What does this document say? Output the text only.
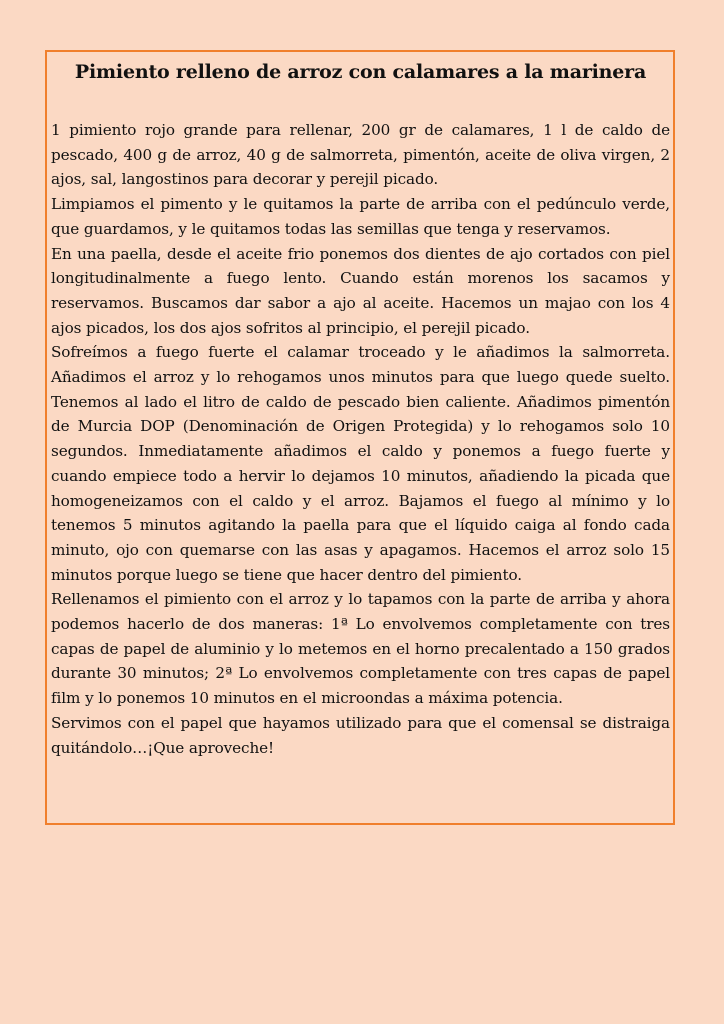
Pimiento relleno de arroz con calamares a la marinera

1 pimiento rojo grande para rellenar, 200 gr de calamares, 1 l de caldo de pescado, 400 g de arroz, 40 g de salmorreta, pimentón, aceite de oliva virgen, 2 ajos, sal, langostinos para decorar y perejil picado.

Limpiamos el pimento y le quitamos la parte de arriba con el pedúnculo verde, que guardamos, y le quitamos todas las semillas que tenga y reservamos.

En una paella, desde el aceite frio ponemos dos dientes de ajo cortados con piel longitudinalmente a fuego lento. Cuando están morenos los sacamos y reservamos. Buscamos dar sabor a ajo al aceite. Hacemos un majao con los 4 ajos picados, los dos ajos sofritos al principio, el perejil picado.

Sofreímos a fuego fuerte el calamar troceado y le añadimos la salmorreta. Añadimos el arroz y lo rehogamos unos minutos para que luego quede suelto. Tenemos al lado el litro de caldo de pescado bien caliente. Añadimos pimentón de Murcia DOP (Denominación de Origen Protegida) y lo rehogamos solo 10 segundos. Inmediatamente añadimos el caldo y ponemos a fuego fuerte y cuando empiece todo a hervir lo dejamos 10 minutos, añadiendo la picada que homogeneizamos con el caldo y el arroz. Bajamos el fuego al mínimo y lo tenemos 5 minutos agitando la paella para que el líquido caiga al fondo cada minuto, ojo con quemarse con las asas y apagamos. Hacemos el arroz solo 15 minutos porque luego se tiene que hacer dentro del pimiento.

Rellenamos el pimiento con el arroz y lo tapamos con la parte de arriba y ahora podemos hacerlo de dos maneras: 1ª Lo envolvemos completamente con tres capas de papel de aluminio y lo metemos en el horno precalentado a 150 grados durante 30 minutos; 2ª Lo envolvemos completamente con tres capas de papel film y lo ponemos 10 minutos en el microondas a máxima potencia.

Servimos con el papel que hayamos utilizado para que el comensal se distraiga quitándolo…¡Que aproveche!
